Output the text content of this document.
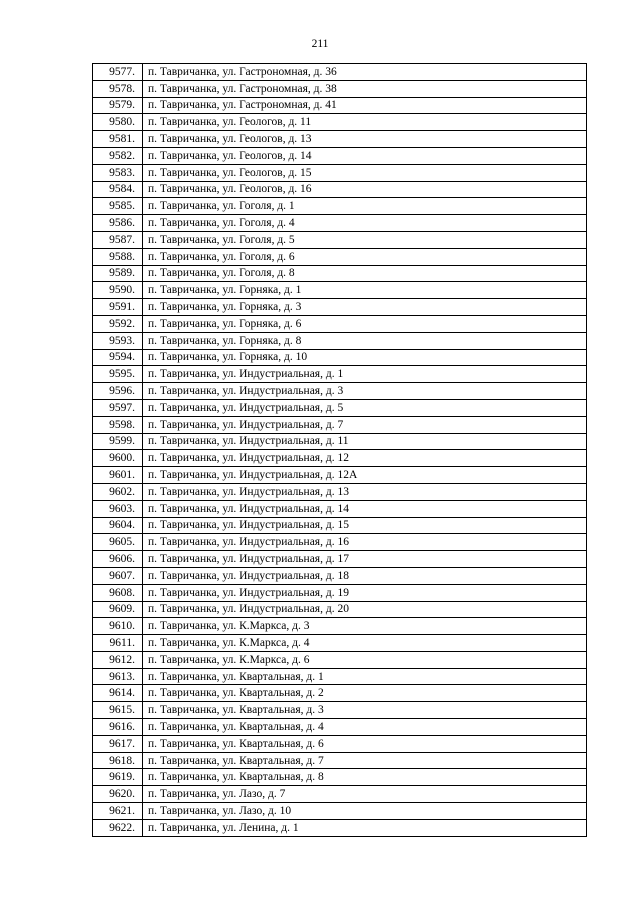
211
9577.	п. Тавричанка, ул. Гастрономная, д. 36
9578.	п. Тавричанка, ул. Гастрономная, д. 38
9579.	п. Тавричанка, ул. Гастрономная, д. 41
9580.	п. Тавричанка, ул. Геологов, д. 11
9581.	п. Тавричанка, ул. Геологов, д. 13
9582.	п. Тавричанка, ул. Геологов, д. 14
9583.	п. Тавричанка, ул. Геологов, д. 15
9584.	п. Тавричанка, ул. Геологов, д. 16
9585.	п. Тавричанка, ул. Гоголя, д. 1
9586.	п. Тавричанка, ул. Гоголя, д. 4
9587.	п. Тавричанка, ул. Гоголя, д. 5
9588.	п. Тавричанка, ул. Гоголя, д. 6
9589.	п. Тавричанка, ул. Гоголя, д. 8
9590.	п. Тавричанка, ул. Горняка, д. 1
9591.	п. Тавричанка, ул. Горняка, д. 3
9592.	п. Тавричанка, ул. Горняка, д. 6
9593.	п. Тавричанка, ул. Горняка, д. 8
9594.	п. Тавричанка, ул. Горняка, д. 10
9595.	п. Тавричанка, ул. Индустриальная, д. 1
9596.	п. Тавричанка, ул. Индустриальная, д. 3
9597.	п. Тавричанка, ул. Индустриальная, д. 5
9598.	п. Тавричанка, ул. Индустриальная, д. 7
9599.	п. Тавричанка, ул. Индустриальная, д. 11
9600.	п. Тавричанка, ул. Индустриальная, д. 12
9601.	п. Тавричанка, ул. Индустриальная, д. 12А
9602.	п. Тавричанка, ул. Индустриальная, д. 13
9603.	п. Тавричанка, ул. Индустриальная, д. 14
9604.	п. Тавричанка, ул. Индустриальная, д. 15
9605.	п. Тавричанка, ул. Индустриальная, д. 16
9606.	п. Тавричанка, ул. Индустриальная, д. 17
9607.	п. Тавричанка, ул. Индустриальная, д. 18
9608.	п. Тавричанка, ул. Индустриальная, д. 19
9609.	п. Тавричанка, ул. Индустриальная, д. 20
9610.	п. Тавричанка, ул. К.Маркса, д. 3
9611.	п. Тавричанка, ул. К.Маркса, д. 4
9612.	п. Тавричанка, ул. К.Маркса, д. 6
9613.	п. Тавричанка, ул. Квартальная, д. 1
9614.	п. Тавричанка, ул. Квартальная, д. 2
9615.	п. Тавричанка, ул. Квартальная, д. 3
9616.	п. Тавричанка, ул. Квартальная, д. 4
9617.	п. Тавричанка, ул. Квартальная, д. 6
9618.	п. Тавричанка, ул. Квартальная, д. 7
9619.	п. Тавричанка, ул. Квартальная, д. 8
9620.	п. Тавричанка, ул. Лазо, д. 7
9621.	п. Тавричанка, ул. Лазо, д. 10
9622.	п. Тавричанка, ул. Ленина, д. 1
